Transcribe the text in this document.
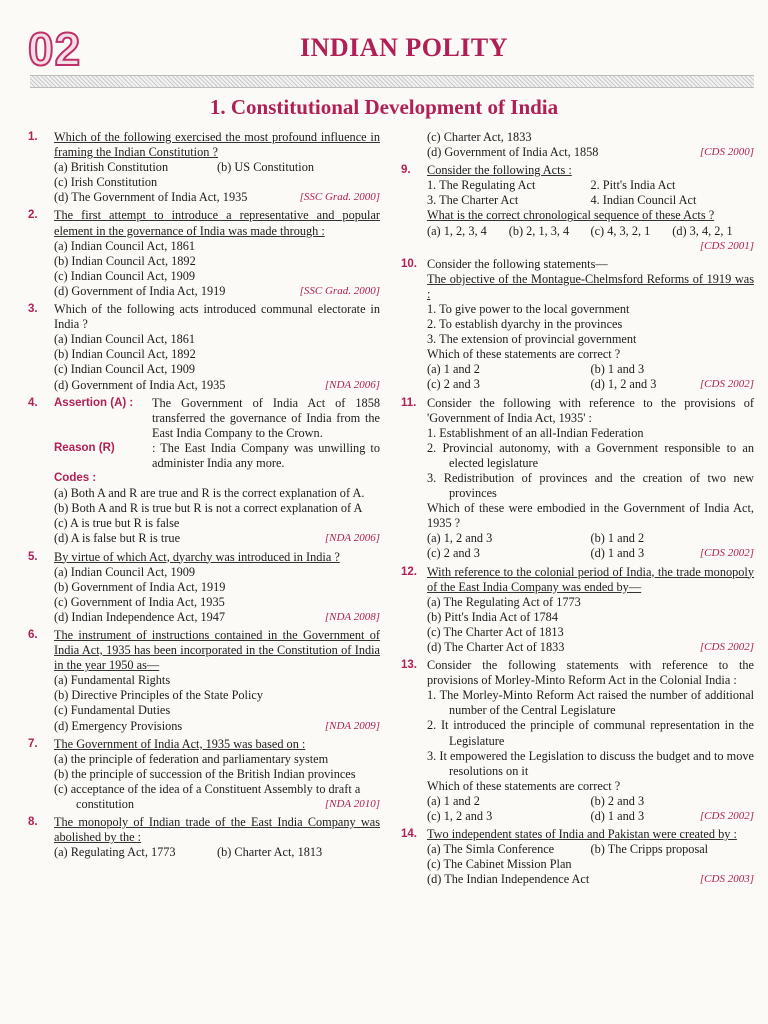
02	INDIAN POLITY
1. Constitutional Development of India
1. Which of the following exercised the most profound influence in framing the Indian Constitution ?
(a) British Constitution	(b) US Constitution
(c) Irish Constitution
(d) The Government of India Act, 1935	[SSC Grad. 2000]
2. The first attempt to introduce a representative and popular element in the governance of India was made through :
(a) Indian Council Act, 1861
(b) Indian Council Act, 1892
(c) Indian Council Act, 1909
(d) Government of India Act, 1919	[SSC Grad. 2000]
3. Which of the following acts introduced communal electorate in India ?
(a) Indian Council Act, 1861
(b) Indian Council Act, 1892
(c) Indian Council Act, 1909
(d) Government of India Act, 1935	[NDA 2006]
4. Assertion (A) :	The Government of India Act of 1858 transferred the governance of India from the East India Company to the Crown.
Reason (R)	: The East India Company was unwilling to administer India any more.
Codes :
(a) Both A and R are true and R is the correct explanation of A.
(b) Both A and R is true but R is not a correct explanation of A
(c) A is true but R is false
(d) A is false but R is true	[NDA 2006]
5. By virtue of which Act, dyarchy was introduced in India ?
(a) Indian Council Act, 1909
(b) Government of India Act, 1919
(c) Government of India Act, 1935
(d) Indian Independence Act, 1947	[NDA 2008]
6. The instrument of instructions contained in the Government of India Act, 1935 has been incorporated in the Constitution of India in the year 1950 as—
(a) Fundamental Rights
(b) Directive Principles of the State Policy
(c) Fundamental Duties
(d) Emergency Provisions	[NDA 2009]
7. The Government of India Act, 1935 was based on :
(a) the principle of federation and parliamentary system
(b) the principle of succession of the British Indian provinces
(c) acceptance of the idea of a Constituent Assembly to draft a constitution	[NDA 2010]
8. The monopoly of Indian trade of the East India Company was abolished by the :
(a) Regulating Act, 1773	(b) Charter Act, 1813
(c) Charter Act, 1833
(d) Government of India Act, 1858	[CDS 2000]
9. Consider the following Acts :
1. The Regulating Act	2. Pitt's India Act
3. The Charter Act	4. Indian Council Act
What is the correct chronological sequence of these Acts ?
(a) 1, 2, 3, 4	(b) 2, 1, 3, 4	(c) 4, 3, 2, 1	(d) 3, 4, 2, 1
[CDS 2001]
10. Consider the following statements—
The objective of the Montague-Chelmsford Reforms of 1919 was :
1. To give power to the local government
2. To establish dyarchy in the provinces
3. The extension of provincial government
Which of these statements are correct ?
(a) 1 and 2	(b) 1 and 3
(c) 2 and 3	(d) 1, 2 and 3	[CDS 2002]
11. Consider the following with reference to the provisions of 'Government of India Act, 1935' :
1. Establishment of an all-Indian Federation
2. Provincial autonomy, with a Government responsible to an elected legislature
3. Redistribution of provinces and the creation of two new provinces
Which of these were embodied in the Government of India Act, 1935 ?
(a) 1, 2 and 3	(b) 1 and 2
(c) 2 and 3	(d) 1 and 3	[CDS 2002]
12. With reference to the colonial period of India, the trade monopoly of the East India Company was ended by—
(a) The Regulating Act of 1773
(b) Pitt's India Act of 1784
(c) The Charter Act of 1813
(d) The Charter Act of 1833	[CDS 2002]
13. Consider the following statements with reference to the provisions of Morley-Minto Reform Act in the Colonial India :
1. The Morley-Minto Reform Act raised the number of additional number of the Central Legislature
2. It introduced the principle of communal representation in the Legislature
3. It empowered the Legislation to discuss the budget and to move resolutions on it
Which of these statements are correct ?
(a) 1 and 2	(b) 2 and 3
(c) 1, 2 and 3	(d) 1 and 3	[CDS 2002]
14. Two independent states of India and Pakistan were created by :
(a) The Simla Conference	(b) The Cripps proposal
(c) The Cabinet Mission Plan
(d) The Indian Independence Act	[CDS 2003]
